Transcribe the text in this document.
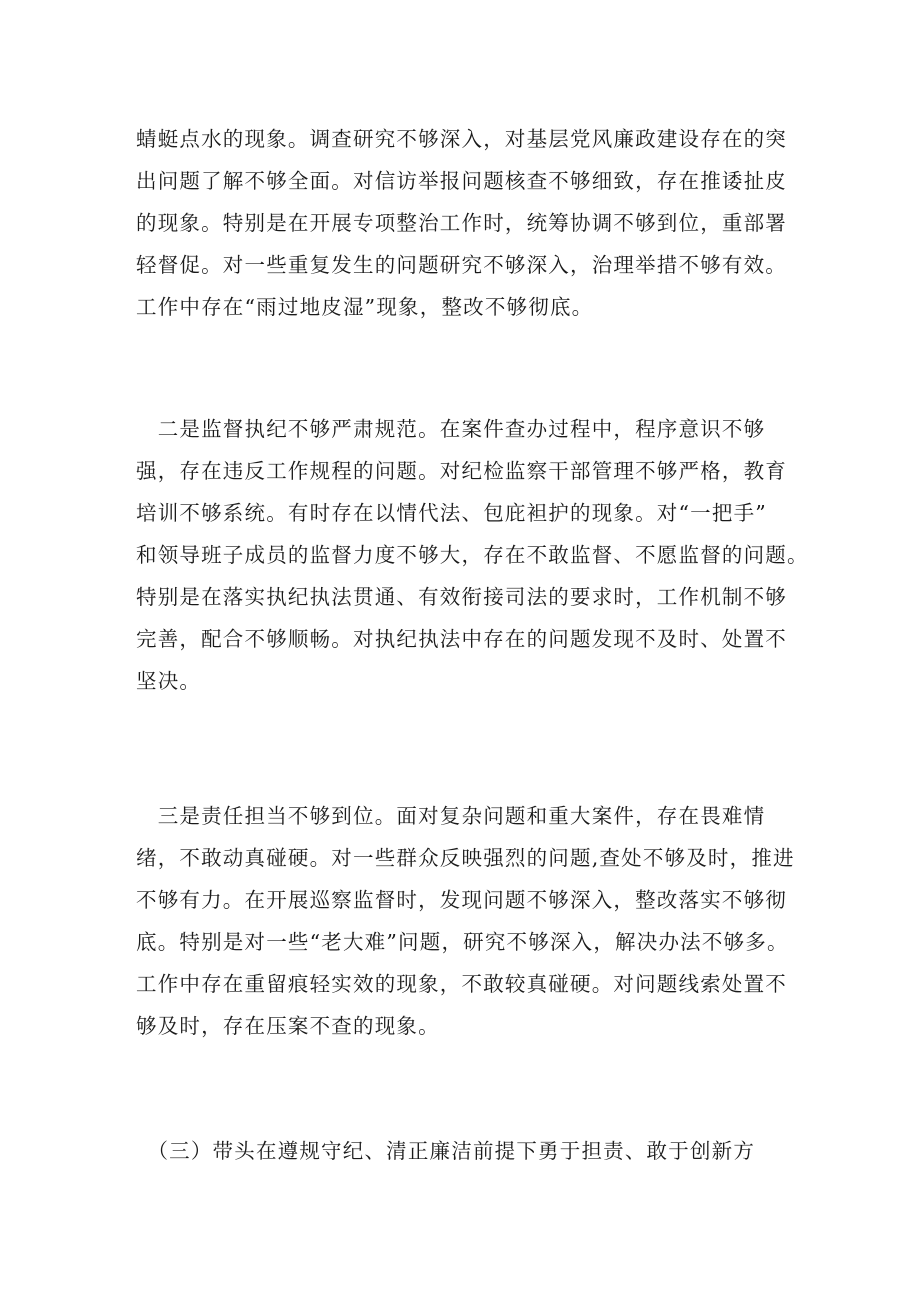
蜻蜓点水的现象。调查研究不够深入，对基层党风廉政建设存在的突
出问题了解不够全面。对信访举报问题核查不够细致，存在推诿扯皮
的现象。特别是在开展专项整治工作时，统筹协调不够到位，重部署
轻督促。对一些重复发生的问题研究不够深入，治理举措不够有效。
工作中存在“雨过地皮湿”现象，整改不够彻底。
　二是监督执纪不够严肃规范。在案件查办过程中，程序意识不够
强，存在违反工作规程的问题。对纪检监察干部管理不够严格，教育
培训不够系统。有时存在以情代法、包庇袒护的现象。对“一把手”
和领导班子成员的监督力度不够大，存在不敢监督、不愿监督的问题。
特别是在落实执纪执法贯通、有效衔接司法的要求时，工作机制不够
完善，配合不够顺畅。对执纪执法中存在的问题发现不及时、处置不
坚决。
　三是责任担当不够到位。面对复杂问题和重大案件，存在畏难情
绪，不敢动真碰硬。对一些群众反映强烈的问题,查处不够及时，推进
不够有力。在开展巡察监督时，发现问题不够深入，整改落实不够彻
底。特别是对一些“老大难”问题，研究不够深入，解决办法不够多。
工作中存在重留痕轻实效的现象，不敢较真碰硬。对问题线索处置不
够及时，存在压案不查的现象。
　（三）带头在遵规守纪、清正廉洁前提下勇于担责、敢于创新方
